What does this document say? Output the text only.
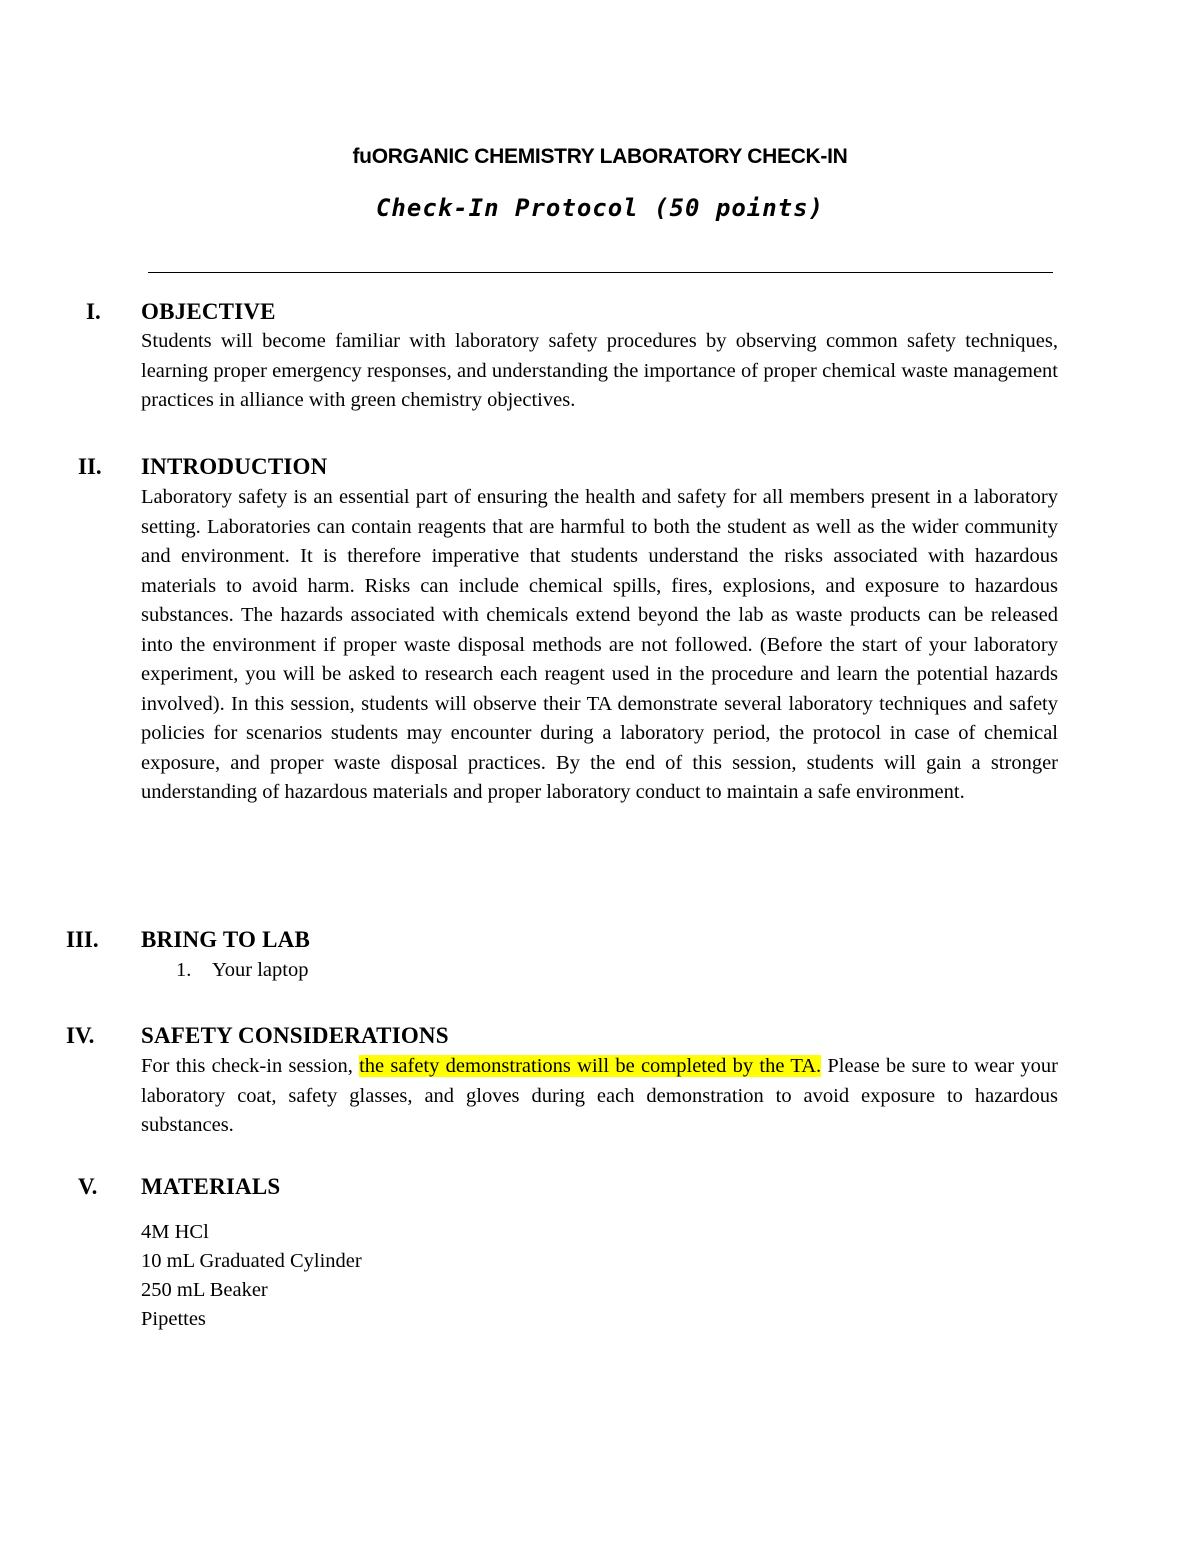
fuORGANIC CHEMISTRY LABORATORY CHECK-IN
Check-In Protocol (50 points)
I.	OBJECTIVE
Students will become familiar with laboratory safety procedures by observing common safety techniques, learning proper emergency responses, and understanding the importance of proper chemical waste management practices in alliance with green chemistry objectives.
II.	INTRODUCTION
Laboratory safety is an essential part of ensuring the health and safety for all members present in a laboratory setting. Laboratories can contain reagents that are harmful to both the student as well as the wider community and environment. It is therefore imperative that students understand the risks associated with hazardous materials to avoid harm. Risks can include chemical spills, fires, explosions, and exposure to hazardous substances. The hazards associated with chemicals extend beyond the lab as waste products can be released into the environment if proper waste disposal methods are not followed. (Before the start of your laboratory experiment, you will be asked to research each reagent used in the procedure and learn the potential hazards involved). In this session, students will observe their TA demonstrate several laboratory techniques and safety policies for scenarios students may encounter during a laboratory period, the protocol in case of chemical exposure, and proper waste disposal practices. By the end of this session, students will gain a stronger understanding of hazardous materials and proper laboratory conduct to maintain a safe environment.
III.	BRING TO LAB
1. Your laptop
IV.	SAFETY CONSIDERATIONS
For this check-in session, the safety demonstrations will be completed by the TA. Please be sure to wear your laboratory coat, safety glasses, and gloves during each demonstration to avoid exposure to hazardous substances.
V.	MATERIALS
4M HCl
10 mL Graduated Cylinder
250 mL Beaker
Pipettes
